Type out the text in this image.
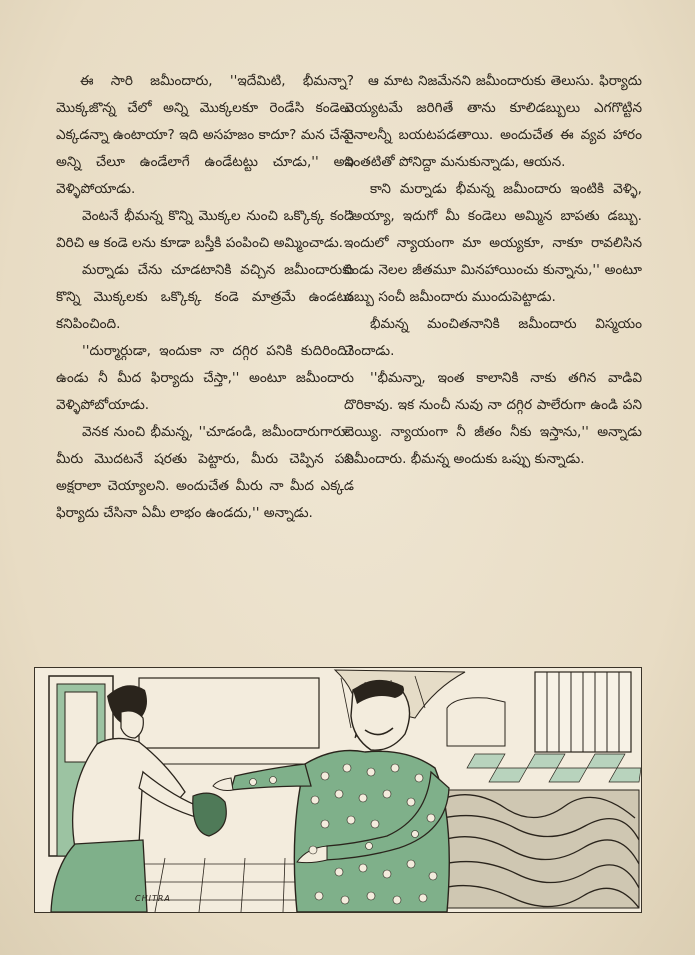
ఈ సారి జమీందారు, ''ఇదేమిటి, భీమన్నా? మొక్కజొన్న చేలో అన్ని మొక్కలకూ రెండేసి కండెలు ఎక్కడన్నా ఉంటాయా? ఇది అసహజం కాదూ? మన చేను అన్ని చేలూ ఉండేలాగే ఉండేటట్టు చూడు,'' అని వెళ్ళిపోయాడు.

వెంటనే భీమన్న కొన్ని మొక్కల నుంచి ఒక్కొక్క కండె విరిచి ఆ కండె లను కూడా బస్తీకి పంపించి అమ్మించాడు.

మర్నాడు చేను చూడటానికి వచ్చిన జమీందారుకు కొన్ని మొక్కలకు ఒక్కొక్క కండె మాత్రమే ఉండటం కనిపించింది.

''దుర్మార్గుడా, ఇందుకా నా దగ్గిర పనికి కుదిరింది? ఉండు నీ మీద ఫిర్యాదు చేస్తా,'' అంటూ జమీందారు వెళ్ళిపోబోయాడు.

వెనక నుంచి భీమన్న, ''చూడండి, జమీందారుగారూ. మీరు మొదటనే షరతు పెట్టారు, మీరు చెప్పిన పని అక్షరాలా చెయ్యాలని. అందుచేత మీరు నా మీద ఎక్కడ ఫిర్యాదు చేసినా ఏమీ లాభం ఉండదు,'' అన్నాడు.

ఆ మాట నిజమేనని జమీందారుకు తెలుసు. ఫిర్యాదు చెయ్యటమే జరిగితే తాను కూలిడబ్బులు ఎగగొట్టిన వైనాలన్నీ బయటపడతాయి. అందుచేత ఈ వ్యవ హారం ఇంతటితో పోనిద్దా మనుకున్నాడు, ఆయన.

కాని మర్నాడు భీమన్న జమీందారు ఇంటికి వెళ్ళి, ''అయ్యా, ఇదుగో మీ కండెలు అమ్మిన బాపతు డబ్బు. ఇందులో న్యాయంగా మా అయ్యకూ, నాకూ రావలిసిన రెండు నెలల జీతమూ మినహాయించు కున్నాను,'' అంటూ డబ్బు సంచీ జమీందారు ముందుపెట్టాడు.

భీమన్న మంచితనానికి జమీందారు విస్మయం చెందాడు.

''భీమన్నా, ఇంత కాలానికి నాకు తగిన వాడివి దొరికావు. ఇక నుంచీ నువు నా దగ్గిర పాలేరుగా ఉండి పని చెయ్యి. న్యాయంగా నీ జీతం నీకు ఇస్తాను,'' అన్నాడు జమీందారు. భీమన్న అందుకు ఒప్పు కున్నాడు.

CHITRA
